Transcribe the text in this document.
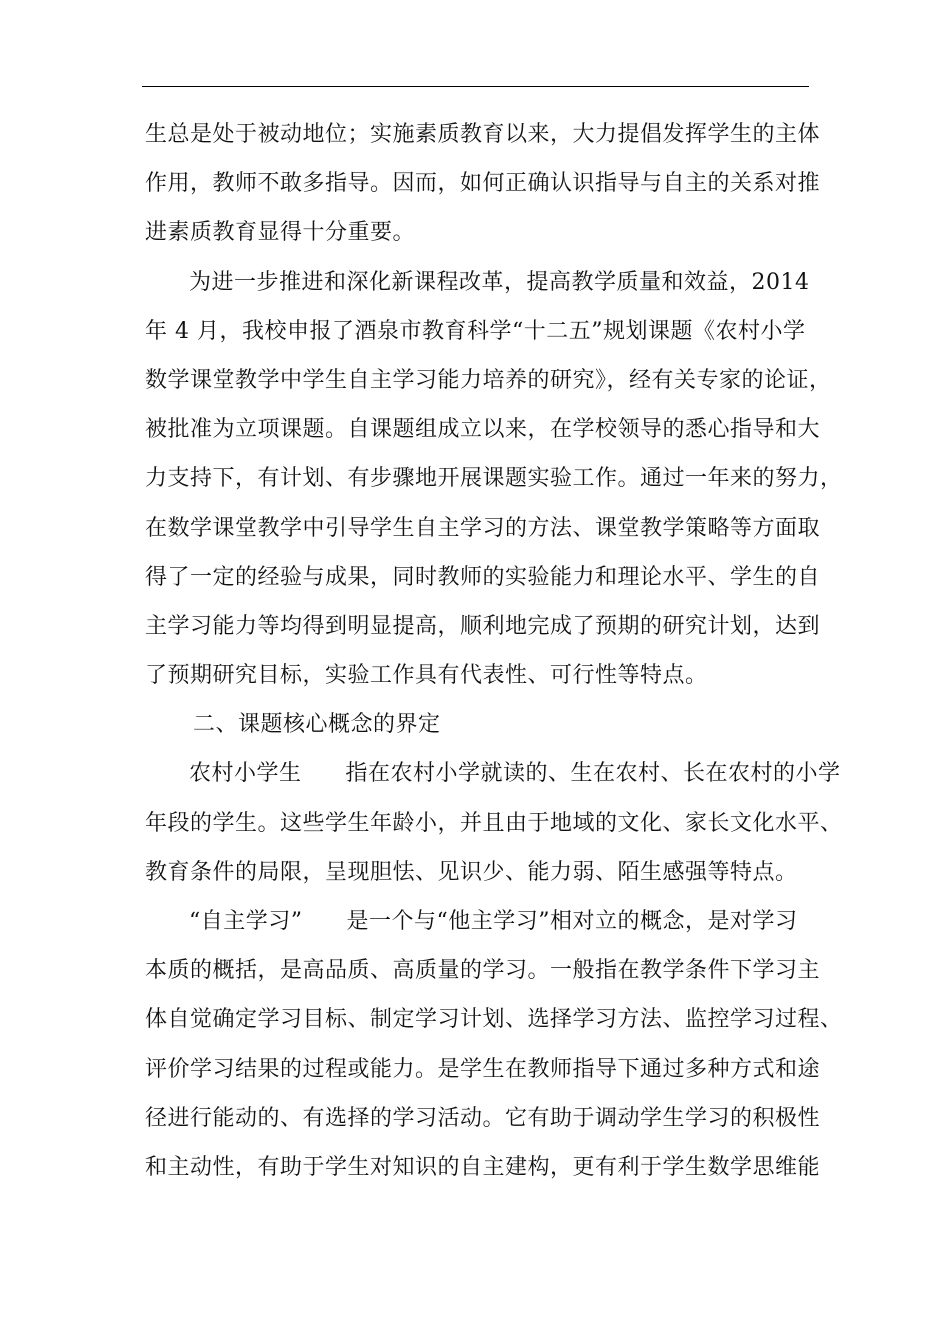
生总是处于被动地位；实施素质教育以来，大力提倡发挥学生的主体
作用，教师不敢多指导。因而，如何正确认识指导与自主的关系对推
进素质教育显得十分重要。
为进一步推进和深化新课程改革，提高教学质量和效益，2014
年 4 月，我校申报了酒泉市教育科学“十二五”规划课题《农村小学
数学课堂教学中学生自主学习能力培养的研究》，经有关专家的论证，
被批准为立项课题。自课题组成立以来，在学校领导的悉心指导和大
力支持下，有计划、有步骤地开展课题实验工作。通过一年来的努力，
在数学课堂教学中引导学生自主学习的方法、课堂教学策略等方面取
得了一定的经验与成果，同时教师的实验能力和理论水平、学生的自
主学习能力等均得到明显提高，顺利地完成了预期的研究计划，达到
了预期研究目标，实验工作具有代表性、可行性等特点。
二、课题核心概念的界定
农村小学生 指在农村小学就读的、生在农村、长在农村的小学
年段的学生。这些学生年龄小，并且由于地域的文化、家长文化水平、
教育条件的局限，呈现胆怯、见识少、能力弱、陌生感强等特点。
“自主学习” 是一个与“他主学习”相对立的概念，是对学习
本质的概括，是高品质、高质量的学习。一般指在教学条件下学习主
体自觉确定学习目标、制定学习计划、选择学习方法、监控学习过程、
评价学习结果的过程或能力。是学生在教师指导下通过多种方式和途
径进行能动的、有选择的学习活动。它有助于调动学生学习的积极性
和主动性，有助于学生对知识的自主建构，更有利于学生数学思维能
